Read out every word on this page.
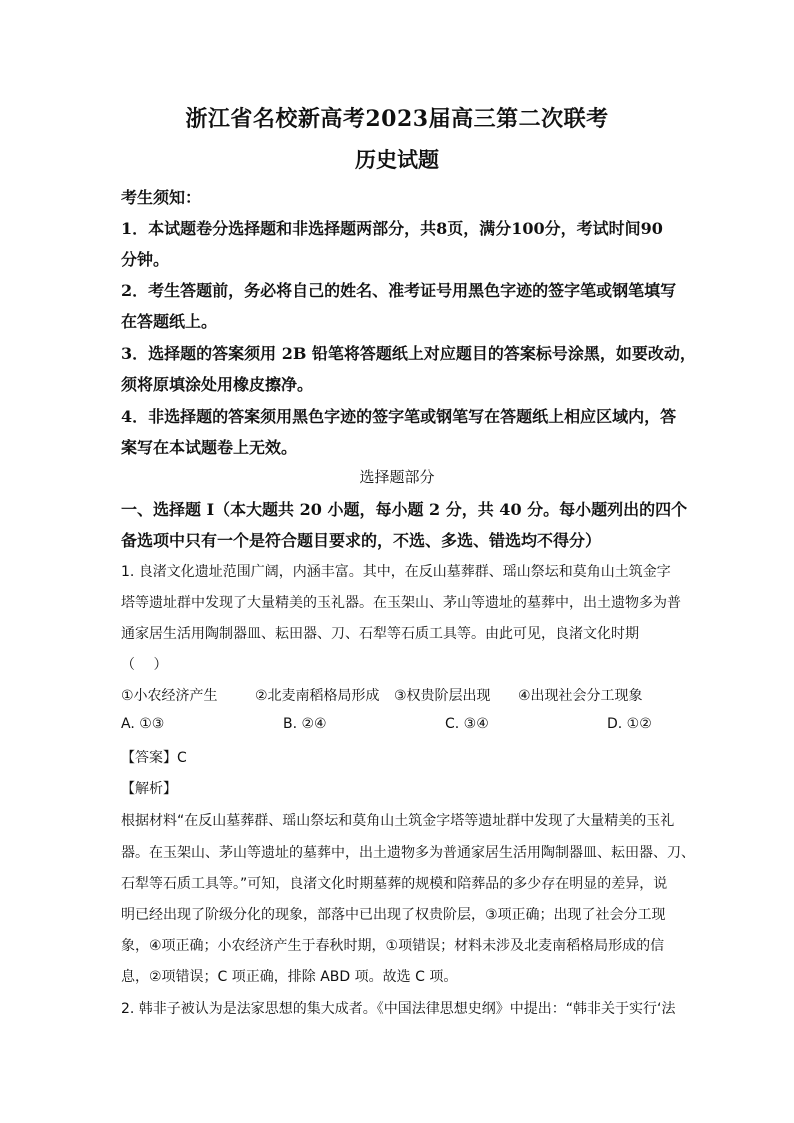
浙江省名校新高考2023届高三第二次联考
历史试题
考生须知：
1．本试题卷分选择题和非选择题两部分，共8页，满分100分，考试时间90
分钟。
2．考生答题前，务必将自己的姓名、准考证号用黑色字迹的签字笔或钢笔填写
在答题纸上。
3．选择题的答案须用 2B 铅笔将答题纸上对应题目的答案标号涂黑，如要改动，
须将原填涂处用橡皮擦净。
4．非选择题的答案须用黑色字迹的签字笔或钢笔写在答题纸上相应区域内，答
案写在本试题卷上无效。
选择题部分
一、选择题 I（本大题共 20 小题，每小题 2 分，共 40 分。每小题列出的四个
备选项中只有一个是符合题目要求的，不选、多选、错选均不得分）
1. 良渚文化遗址范围广阔，内涵丰富。其中，在反山墓葬群、瑶山祭坛和莫角山土筑金字
塔等遗址群中发现了大量精美的玉礼器。在玉架山、茅山等遗址的墓葬中，出土遗物多为普
通家居生活用陶制器皿、耘田器、刀、石犁等石质工具等。由此可见，良渚文化时期
（　 ）
①小农经济产生	②北麦南稻格局形成 ③权贵阶层出现 ④出现社会分工现象
A. ①③	B. ②④	C. ③④	D. ①②
【答案】C
【解析】
根据材料“在反山墓葬群、瑶山祭坛和莫角山土筑金字塔等遗址群中发现了大量精美的玉礼
器。在玉架山、茅山等遗址的墓葬中，出土遗物多为普通家居生活用陶制器皿、耘田器、刀、
石犁等石质工具等。”可知，良渚文化时期墓葬的规模和陪葬品的多少存在明显的差异，说
明已经出现了阶级分化的现象，部落中已出现了权贵阶层，③项正确；出现了社会分工现
象，④项正确；小农经济产生于春秋时期，①项错误；材料未涉及北麦南稻格局形成的信
息，②项错误；C 项正确，排除 ABD 项。故选 C 项。
2. 韩非子被认为是法家思想的集大成者。《中国法律思想史纲》中提出：“韩非关于实行‘法
